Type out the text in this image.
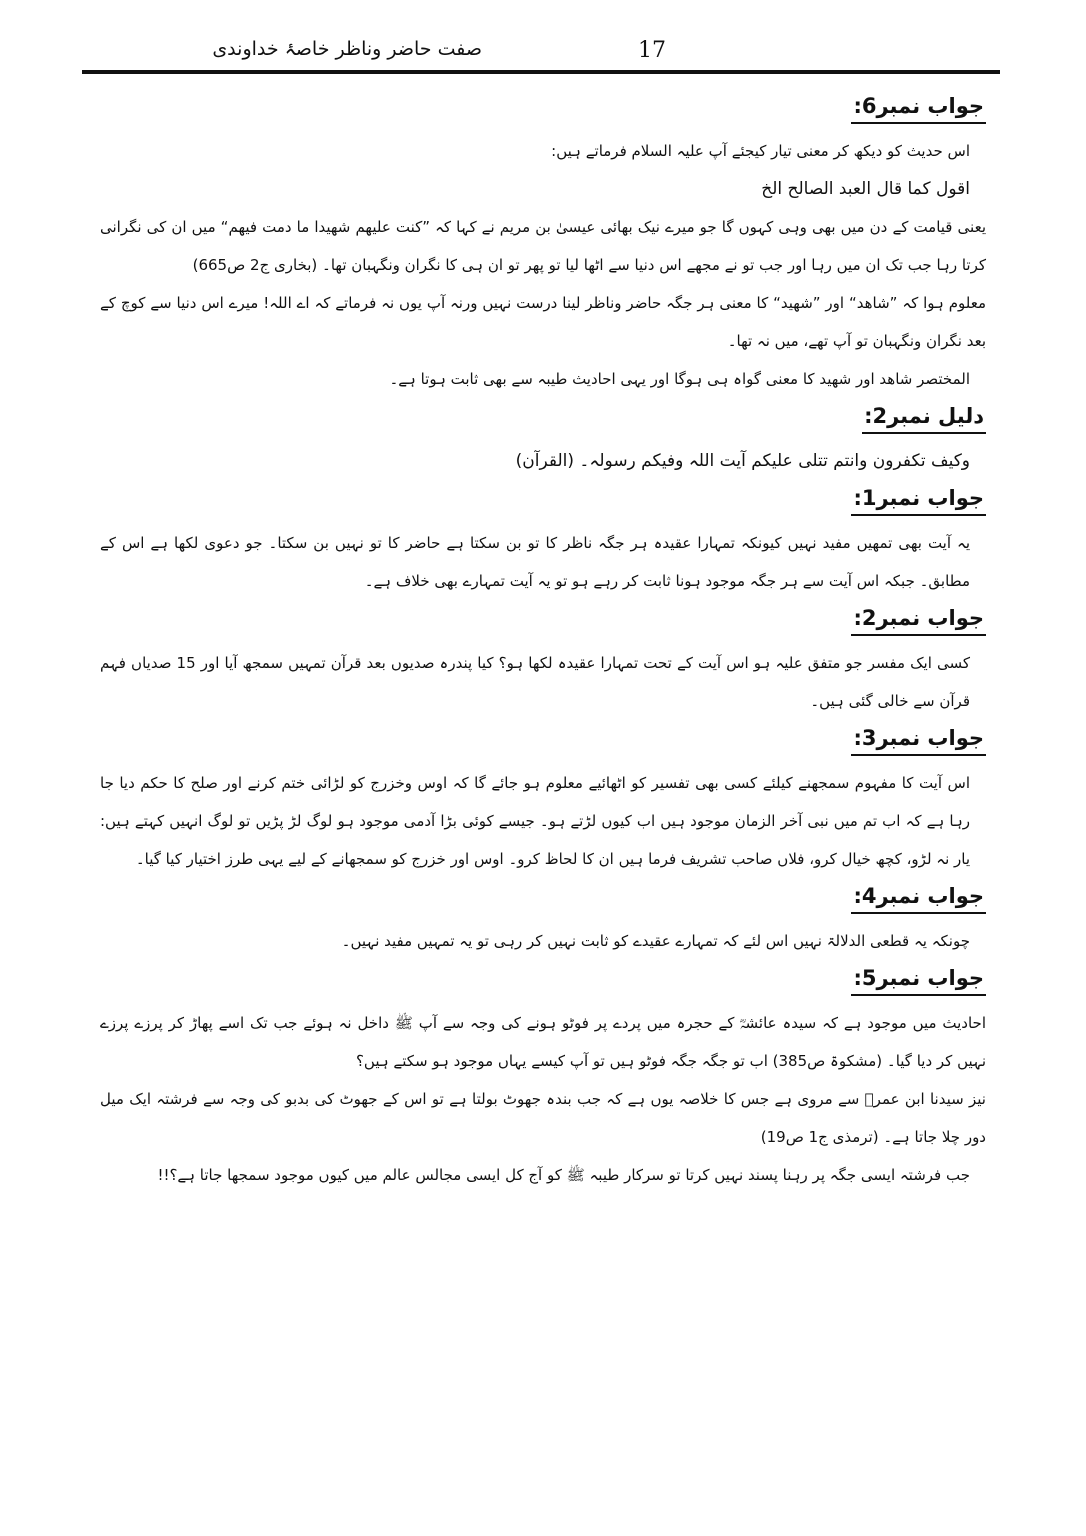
17
صفت حاضر وناظر خاصۂ خداوندی
جواب نمبر6:

اس حدیث کو دیکھ کر معنی تیار کیجئے آپ علیہ السلام فرماتے ہیں:

اقول کما قال العبد الصالح الخ

یعنی قیامت کے دن میں بھی وہی کہوں گا جو میرے نیک بھائی عیسیٰ بن مریم نے کہا کہ ”کنت علیھم شھیدا ما دمت فیھم“ میں ان کی نگرانی کرتا رہا جب تک ان میں رہا اور جب تو نے مجھے اس دنیا سے اٹھا لیا تو پھر تو ان ہی کا نگران ونگہبان تھا۔ (بخاری ج2 ص665)

معلوم ہوا کہ ”شاھد“ اور ”شھید“ کا معنی ہر جگہ حاضر وناظر لینا درست نہیں ورنہ آپ یوں نہ فرماتے کہ اے اللہ! میرے اس دنیا سے کوچ کے بعد نگران ونگہبان تو آپ تھے، میں نہ تھا۔

المختصر شاھد اور شھید کا معنی گواہ ہی ہوگا اور یہی احادیث طیبہ سے بھی ثابت ہوتا ہے۔

دلیل نمبر2:

وکیف تکفرون وانتم تتلی علیکم آیت اللہ وفیکم رسولہ۔ (القرآن)

جواب نمبر1:

یہ آیت بھی تمھیں مفید نہیں کیونکہ تمہارا عقیدہ ہر جگہ ناظر کا تو بن سکتا ہے حاضر کا تو نہیں بن سکتا۔ جو دعوی لکھا ہے اس کے مطابق۔ جبکہ اس آیت سے ہر جگہ موجود ہونا ثابت کر رہے ہو تو یہ آیت تمہارے بھی خلاف ہے۔

جواب نمبر2:

کسی ایک مفسر جو متفق علیہ ہو اس آیت کے تحت تمہارا عقیدہ لکھا ہو؟ کیا پندرہ صدیوں بعد قرآن تمہیں سمجھ آیا اور 15 صدیاں فہم قرآن سے خالی گئی ہیں۔

جواب نمبر3:

اس آیت کا مفہوم سمجھنے کیلئے کسی بھی تفسیر کو اٹھائیے معلوم ہو جائے گا کہ اوس وخزرج کو لڑائی ختم کرنے اور صلح کا حکم دیا جا رہا ہے کہ اب تم میں نبی آخر الزمان موجود ہیں اب کیوں لڑتے ہو۔ جیسے کوئی بڑا آدمی موجود ہو لوگ لڑ پڑیں تو لوگ انہیں کہتے ہیں: یار نہ لڑو، کچھ خیال کرو، فلاں صاحب تشریف فرما ہیں ان کا لحاظ کرو۔ اوس اور خزرج کو سمجھانے کے لیے یہی طرز اختیار کیا گیا۔

جواب نمبر4:

چونکہ یہ قطعی الدلالۃ نہیں اس لئے کہ تمہارے عقیدے کو ثابت نہیں کر رہی تو یہ تمہیں مفید نہیں۔

جواب نمبر5:

احادیث میں موجود ہے کہ سیدہ عائشہؓ کے حجرہ میں پردے پر فوٹو ہونے کی وجہ سے آپ ﷺ داخل نہ ہوئے جب تک اسے پھاڑ کر پرزے پرزے نہیں کر دیا گیا۔ (مشکوۃ ص385) اب تو جگہ جگہ فوٹو ہیں تو آپ کیسے یہاں موجود ہو سکتے ہیں؟

نیز سیدنا ابن عمرؓ سے مروی ہے جس کا خلاصہ یوں ہے کہ جب بندہ جھوٹ بولتا ہے تو اس کے جھوٹ کی بدبو کی وجہ سے فرشتہ ایک میل دور چلا جاتا ہے۔ (ترمذی ج1 ص19)

جب فرشتہ ایسی جگہ پر رہنا پسند نہیں کرتا تو سرکار طیبہ ﷺ کو آج کل ایسی مجالس عالم میں کیوں موجود سمجھا جاتا ہے؟!!
